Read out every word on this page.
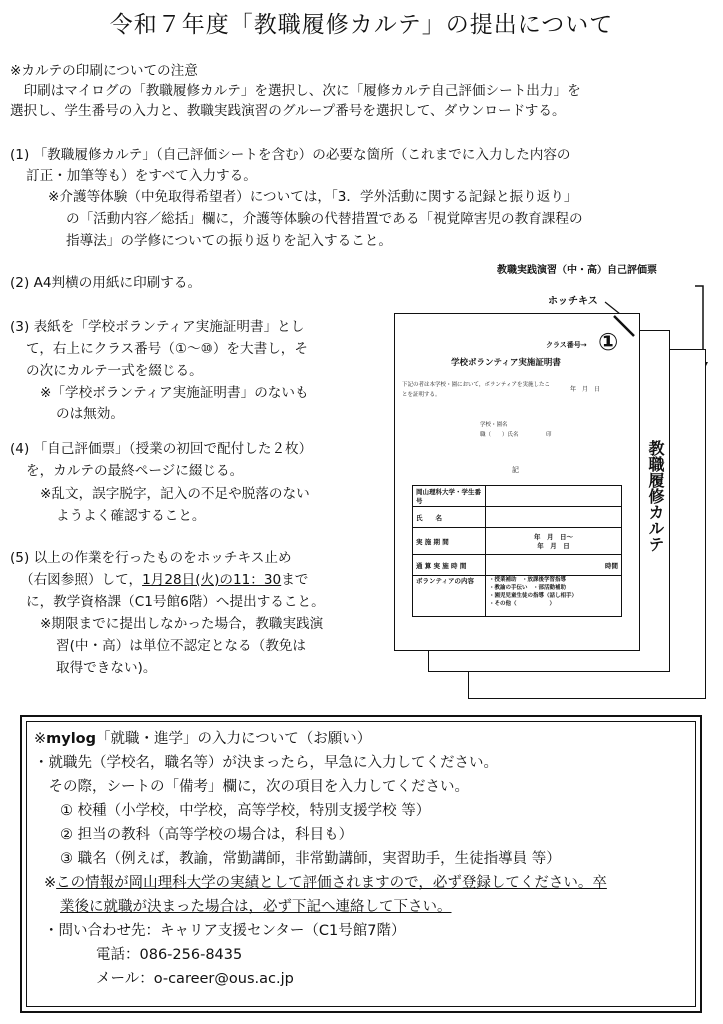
令和７年度「教職履修カルテ」の提出について
※カルテの印刷についての注意
　印刷はマイログの「教職履修カルテ」を選択し、次に「履修カルテ自己評価シート出力」を
選択し、学生番号の入力と、教職実践演習のグループ番号を選択して、ダウンロードする。
(1) 「教職履修カルテ」（自己評価シートを含む）の必要な箇所（これまでに入力した内容の
訂正・加筆等も）をすべて入力する。
※介護等体験（中免取得希望者）については，「3．学外活動に関する記録と振り返り」
の「活動内容／総括」欄に，介護等体験の代替措置である「視覚障害児の教育課程の
指導法」の学修についての振り返りを記入すること。
(2) A4判横の用紙に印刷する。
(3) 表紙を「学校ボランティア実施証明書」とし
て，右上にクラス番号（①～⑩）を大書し，そ
の次にカルテ一式を綴じる。
※「学校ボランティア実施証明書」のないも
のは無効。
(4) 「自己評価票」（授業の初回で配付した２枚）
を，カルテの最終ページに綴じる。
※乱文，誤字脱字，記入の不足や脱落のない
ようよく確認すること。
(5) 以上の作業を行ったものをホッチキス止め
（右図参照）して，1月28日(火)の11：30まで
に，教学資格課（C1号館6階）へ提出すること。
※期限までに提出しなかった場合，教職実践演
習(中・高）は単位不認定となる（教免は
取得できない)。
教職実践演習（中・高）自己評価票
ホッチキス
教職履修カルテ
クラス番号→ ①
学校ボランティア実施証明書
下記の者は本学校・園において，ボランティアを実施したこ
とを証明する。
年　月　日
学校・園名
職（　　）氏名　　　　　印
記
岡山理科大学・学生番号	
氏　　名	
実 施 期 間	年　月　日～
年　月　日
通 算 実 施 時 間	時間
ボランティアの内容	・授業補助　・放課後学習指導
・教諭の手伝い　・部活動補助
・園児児童生徒の指導（話し相手）
・その他（　　　　　　）
※mylog「就職・進学」の入力について（お願い）
・就職先（学校名，職名等）が決まったら，早急に入力してください。
　その際，シートの「備考」欄に，次の項目を入力してください。
① 校種（小学校，中学校，高等学校，特別支援学校 等）
② 担当の教科（高等学校の場合は，科目も）
③ 職名（例えば，教諭，常勤講師，非常勤講師，実習助手，生徒指導員 等）
※この情報が岡山理科大学の実績として評価されますので，必ず登録してください。卒
業後に就職が決まった場合は，必ず下記へ連絡して下さい。
・問い合わせ先：キャリア支援センター（C1号館7階）
電話：086-256-8435
メール：o-career@ous.ac.jp
